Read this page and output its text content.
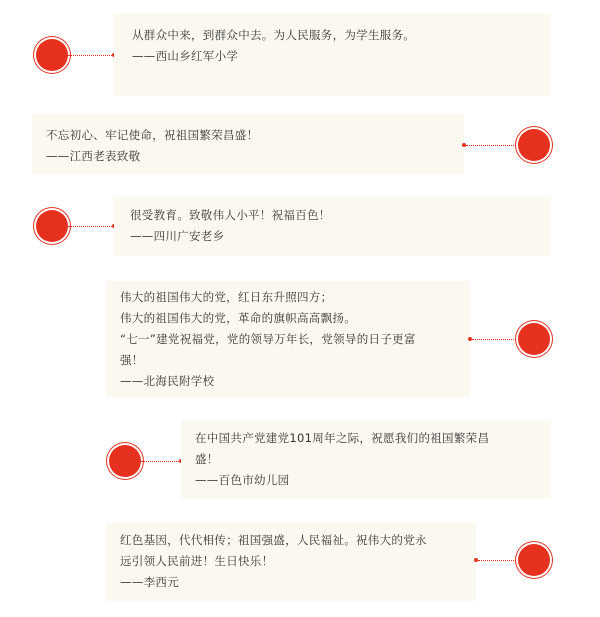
从群众中来，到群众中去。为人民服务，为学生服务。
——西山乡红军小学
不忘初心、牢记使命，祝祖国繁荣昌盛！
——江西老表致敬
很受教育。致敬伟人小平！祝福百色！
——四川广安老乡
伟大的祖国伟大的党，红日东升照四方；
伟大的祖国伟大的党，革命的旗帜高高飘扬。
“七一”建党祝福党，党的领导万年长，党领导的日子更富
强！
——北海民附学校
在中国共产党建党101周年之际，祝愿我们的祖国繁荣昌
盛！
——百色市幼儿园
红色基因，代代相传；祖国强盛，人民福祉。祝伟大的党永
远引领人民前进！生日快乐！
——李西元
